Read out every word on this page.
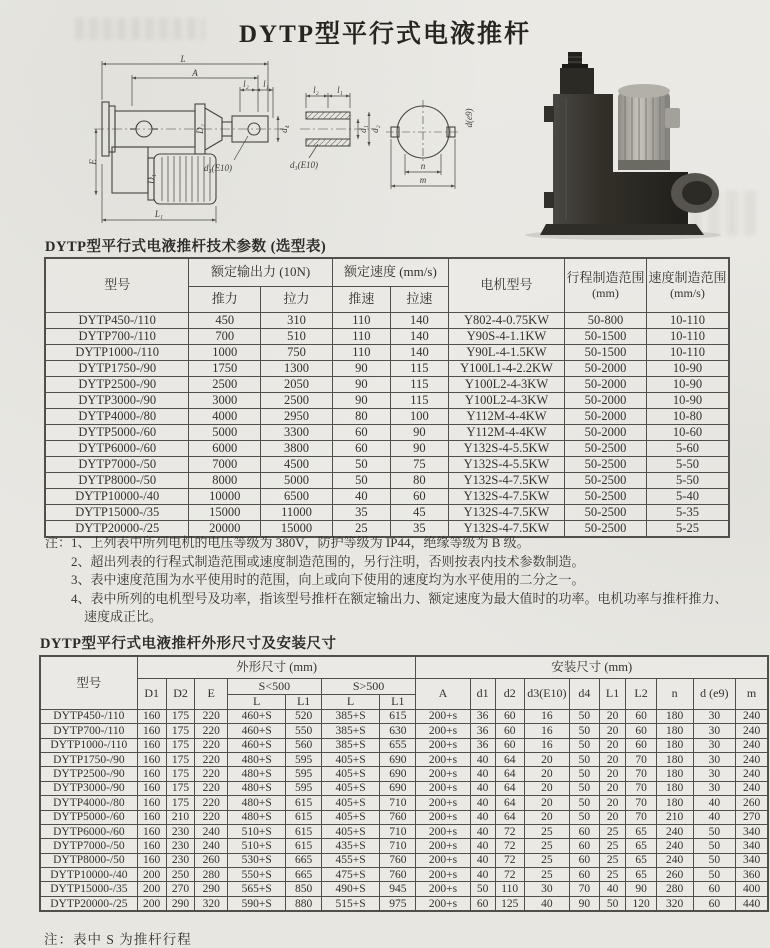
DYTP型平行式电液推杆
L
A
l₂ l₁
D₂	d₄
d₃(E10)
E
D₁
L₁
l₂ l₁
d₃(E10)
d₁ d₂
d(e9)
n
m
DYTP型平行式电液推杆技术参数 (选型表)
型号	额定输出力 (10N)	额定速度 (mm/s)	电机型号	行程制造范围
(mm)

速度制造范围
(mm/s)

	推力	拉力	推速	拉速			
DYTP450-/110	450	310	110	140	Y802-4-0.75KW	50-800	10-110
DYTP700-/110	700	510	110	140	Y90S-4-1.1KW	50-1500	10-110
DYTP1000-/110	1000	750	110	140	Y90L-4-1.5KW	50-1500	10-110
DYTP1750-/90	1750	1300	90	115	Y100L1-4-2.2KW	50-2000	10-90
DYTP2500-/90	2500	2050	90	115	Y100L2-4-3KW	50-2000	10-90
DYTP3000-/90	3000	2500	90	115	Y100L2-4-3KW	50-2000	10-90
DYTP4000-/80	4000	2950	80	100	Y112M-4-4KW	50-2000	10-80
DYTP5000-/60	5000	3300	60	90	Y112M-4-4KW	50-2000	10-60
DYTP6000-/60	6000	3800	60	90	Y132S-4-5.5KW	50-2500	5-60
DYTP7000-/50	7000	4500	50	75	Y132S-4-5.5KW	50-2500	5-50
DYTP8000-/50	8000	5000	50	80	Y132S-4-7.5KW	50-2500	5-50
DYTP10000-/40	10000	6500	40	60	Y132S-4-7.5KW	50-2500	5-40
DYTP15000-/35	15000	11000	35	45	Y132S-4-7.5KW	50-2500	5-35
DYTP20000-/25	20000	15000	25	35	Y132S-4-7.5KW	50-2500	5-25
注：1、上列表中所列电机的电压等级为 380V，防护等级为 IP44，绝缘等级为 B 级。
2、超出列表的行程式制造范围或速度制造范围的，另行注明，否则按表内技术参数制造。
3、表中速度范围为水平使用时的范围，向上或向下使用的速度均为水平使用的二分之一。
4、表中所列的电机型号及功率，指该型号推杆在额定输出力、额定速度为最大值时的功率。电机功率与推杆推力、
速度成正比。
DYTP型平行式电液推杆外形尺寸及安装尺寸
型号	外形尺寸 (mm)							安装尺寸 (mm)									
	D1	D2	E	S<500		S>500		A	d1	d2	d3(E10)	d4	L1	L2	n	d (e9)	m
				L	L1	L	L1										
DYTP450-/110	160	175	220	460+S	520	385+S	615	200+s	36	60	16	50	20	60	180	30	240
DYTP700-/110	160	175	220	460+S	550	385+S	630	200+s	36	60	16	50	20	60	180	30	240
DYTP1000-/110	160	175	220	460+S	560	385+S	655	200+s	36	60	16	50	20	60	180	30	240
DYTP1750-/90	160	175	220	480+S	595	405+S	690	200+s	40	64	20	50	20	70	180	30	240
DYTP2500-/90	160	175	220	480+S	595	405+S	690	200+s	40	64	20	50	20	70	180	30	240
DYTP3000-/90	160	175	220	480+S	595	405+S	690	200+s	40	64	20	50	20	70	180	30	240
DYTP4000-/80	160	175	220	480+S	615	405+S	710	200+s	40	64	20	50	20	70	180	40	260
DYTP5000-/60	160	210	220	480+S	615	405+S	760	200+s	40	64	20	50	20	70	210	40	270
DYTP6000-/60	160	230	240	510+S	615	405+S	710	200+s	40	72	25	60	25	65	240	50	340
DYTP7000-/50	160	230	240	510+S	615	435+S	710	200+s	40	72	25	60	25	65	240	50	340
DYTP8000-/50	160	230	260	530+S	665	455+S	760	200+s	40	72	25	60	25	65	240	50	340
DYTP10000-/40	200	250	280	550+S	665	475+S	760	200+s	40	72	25	60	25	65	260	50	360
DYTP15000-/35	200	270	290	565+S	850	490+S	945	200+s	50	110	30	70	40	90	280	60	400
DYTP20000-/25	200	290	320	590+S	880	515+S	975	200+s	60	125	40	90	50	120	320	60	440
注：表中 S 为推杆行程
